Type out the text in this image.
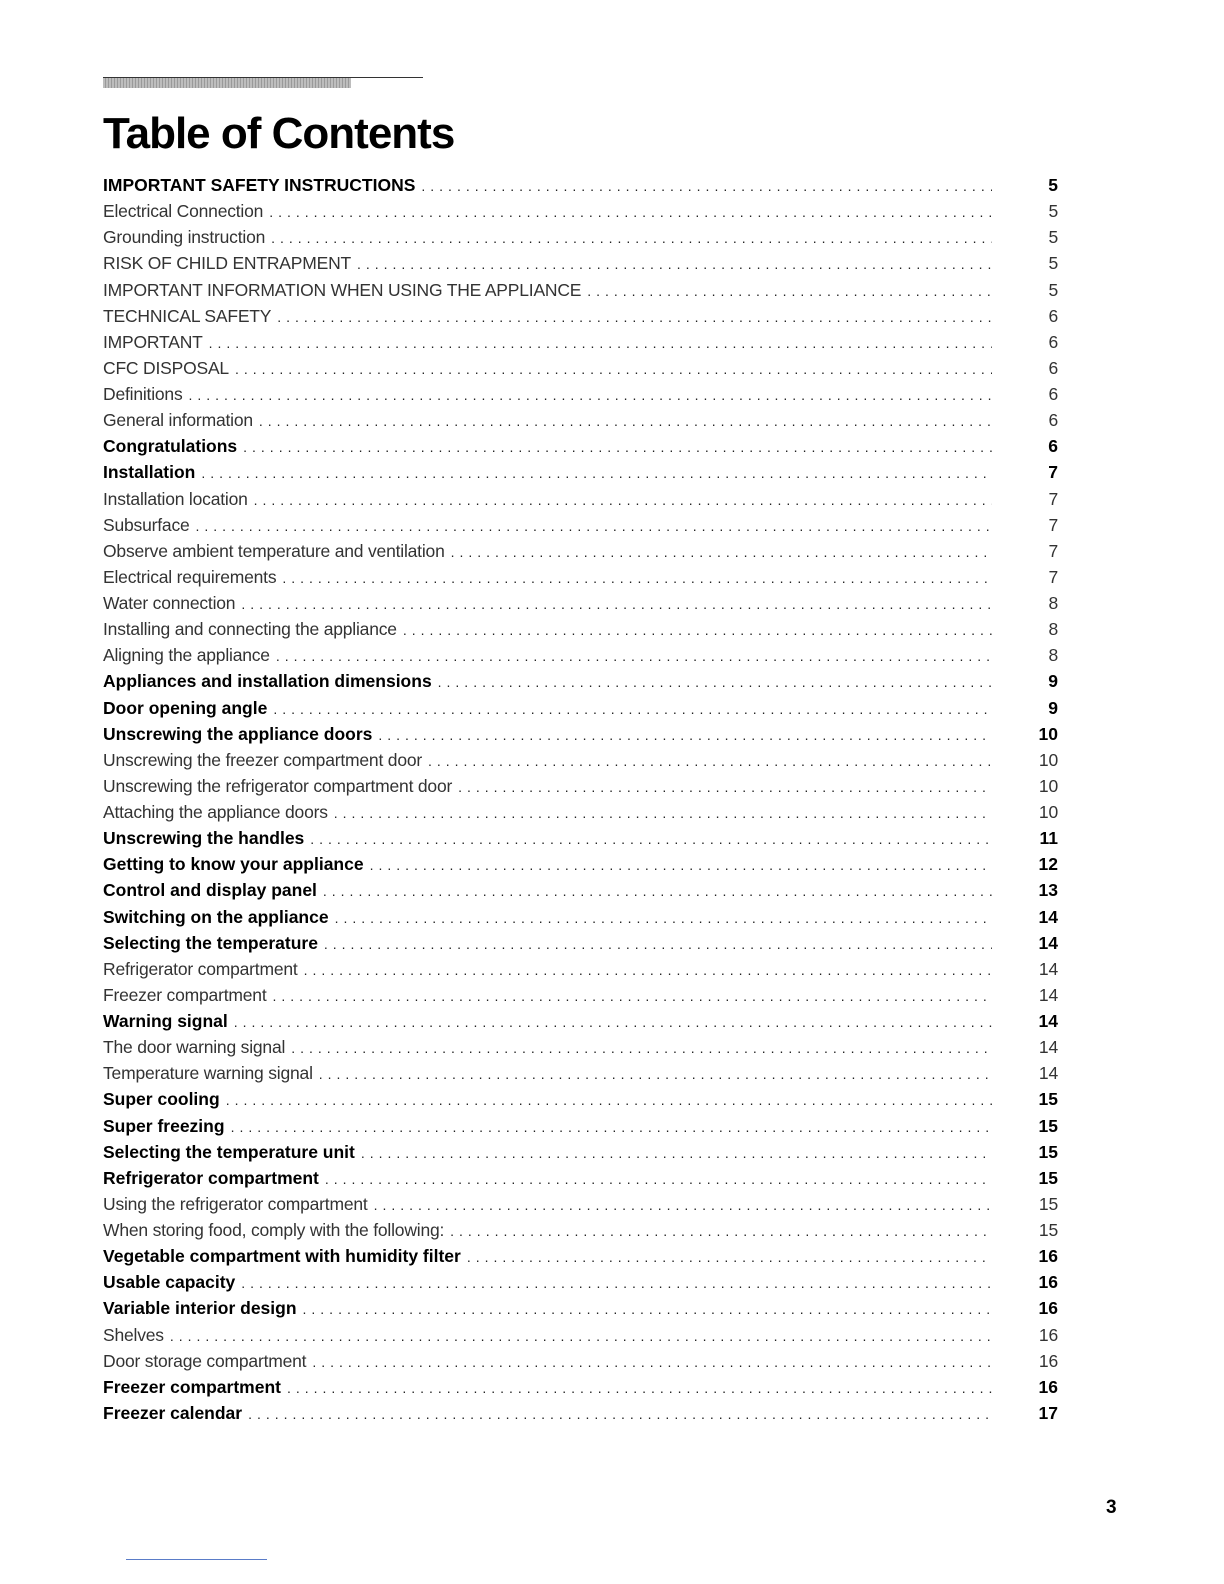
Table of Contents
IMPORTANT SAFETY INSTRUCTIONS . . .	5
Electrical Connection . . .	5
Grounding instruction . . .	5
RISK OF CHILD ENTRAPMENT . . .	5
IMPORTANT INFORMATION WHEN USING THE APPLIANCE . . .	5
TECHNICAL SAFETY . . .	6
IMPORTANT . . .	6
CFC DISPOSAL . . .	6
Definitions . . .	6
General information . . .	6
Congratulations . . .	6
Installation . . .	7
Installation location . . .	7
Subsurface . . .	7
Observe ambient temperature and ventilation . . .	7
Electrical requirements . . .	7
Water connection . . .	8
Installing and connecting the appliance . . .	8
Aligning the appliance . . .	8
Appliances and installation dimensions . . .	9
Door opening angle . . .	9
Unscrewing the appliance doors . . .	10
Unscrewing the freezer compartment door . . .	10
Unscrewing the refrigerator compartment door . . .	10
Attaching the appliance doors . . .	10
Unscrewing the handles . . .	11
Getting to know your appliance . . .	12
Control and display panel . . .	13
Switching on the appliance . . .	14
Selecting the temperature . . .	14
Refrigerator compartment . . .	14
Freezer compartment . . .	14
Warning signal . . .	14
The door warning signal . . .	14
Temperature warning signal . . .	14
Super cooling . . .	15
Super freezing . . .	15
Selecting the temperature unit . . .	15
Refrigerator compartment . . .	15
Using the refrigerator compartment . . .	15
When storing food, comply with the following: . . .	15
Vegetable compartment with humidity filter . . .	16
Usable capacity . . .	16
Variable interior design . . .	16
Shelves . . .	16
Door storage compartment . . .	16
Freezer compartment . . .	16
Freezer calendar . . .	17
3
